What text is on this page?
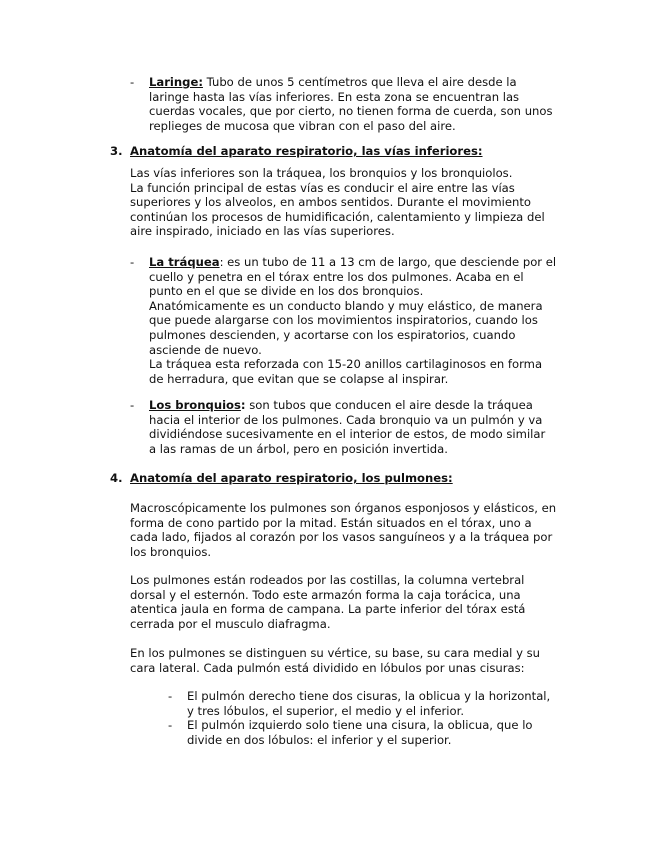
- Laringe: Tubo de unos 5 centímetros que lleva el aire desde la
laringe hasta las vías inferiores. En esta zona se encuentran las
cuerdas vocales, que por cierto, no tienen forma de cuerda, son unos
replieges de mucosa que vibran con el paso del aire.

3. Anatomía del aparato respiratorio, las vías inferiores:

Las vías inferiores son la tráquea, los bronquios y los bronquiolos.
La función principal de estas vías es conducir el aire entre las vías
superiores y los alveolos, en ambos sentidos. Durante el movimiento
continúan los procesos de humidificación, calentamiento y limpieza del
aire inspirado, iniciado en las vías superiores.

- La tráquea: es un tubo de 11 a 13 cm de largo, que desciende por el
cuello y penetra en el tórax entre los dos pulmones. Acaba en el
punto en el que se divide en los dos bronquios.
Anatómicamente es un conducto blando y muy elástico, de manera
que puede alargarse con los movimientos inspiratorios, cuando los
pulmones descienden, y acortarse con los espiratorios, cuando
asciende de nuevo.
La tráquea esta reforzada con 15-20 anillos cartilaginosos en forma
de herradura, que evitan que se colapse al inspirar.

- Los bronquios: son tubos que conducen el aire desde la tráquea
hacia el interior de los pulmones. Cada bronquio va un pulmón y va
dividiéndose sucesivamente en el interior de estos, de modo similar
a las ramas de un árbol, pero en posición invertida.

4. Anatomía del aparato respiratorio, los pulmones:

Macroscópicamente los pulmones son órganos esponjosos y elásticos, en
forma de cono partido por la mitad. Están situados en el tórax, uno a
cada lado, fijados al corazón por los vasos sanguíneos y a la tráquea por
los bronquios.

Los pulmones están rodeados por las costillas, la columna vertebral
dorsal y el esternón. Todo este armazón forma la caja torácica, una
atentica jaula en forma de campana. La parte inferior del tórax está
cerrada por el musculo diafragma.

En los pulmones se distinguen su vértice, su base, su cara medial y su
cara lateral. Cada pulmón está dividido en lóbulos por unas cisuras:

- El pulmón derecho tiene dos cisuras, la oblicua y la horizontal,
y tres lóbulos, el superior, el medio y el inferior.

- El pulmón izquierdo solo tiene una cisura, la oblicua, que lo
divide en dos lóbulos: el inferior y el superior.
